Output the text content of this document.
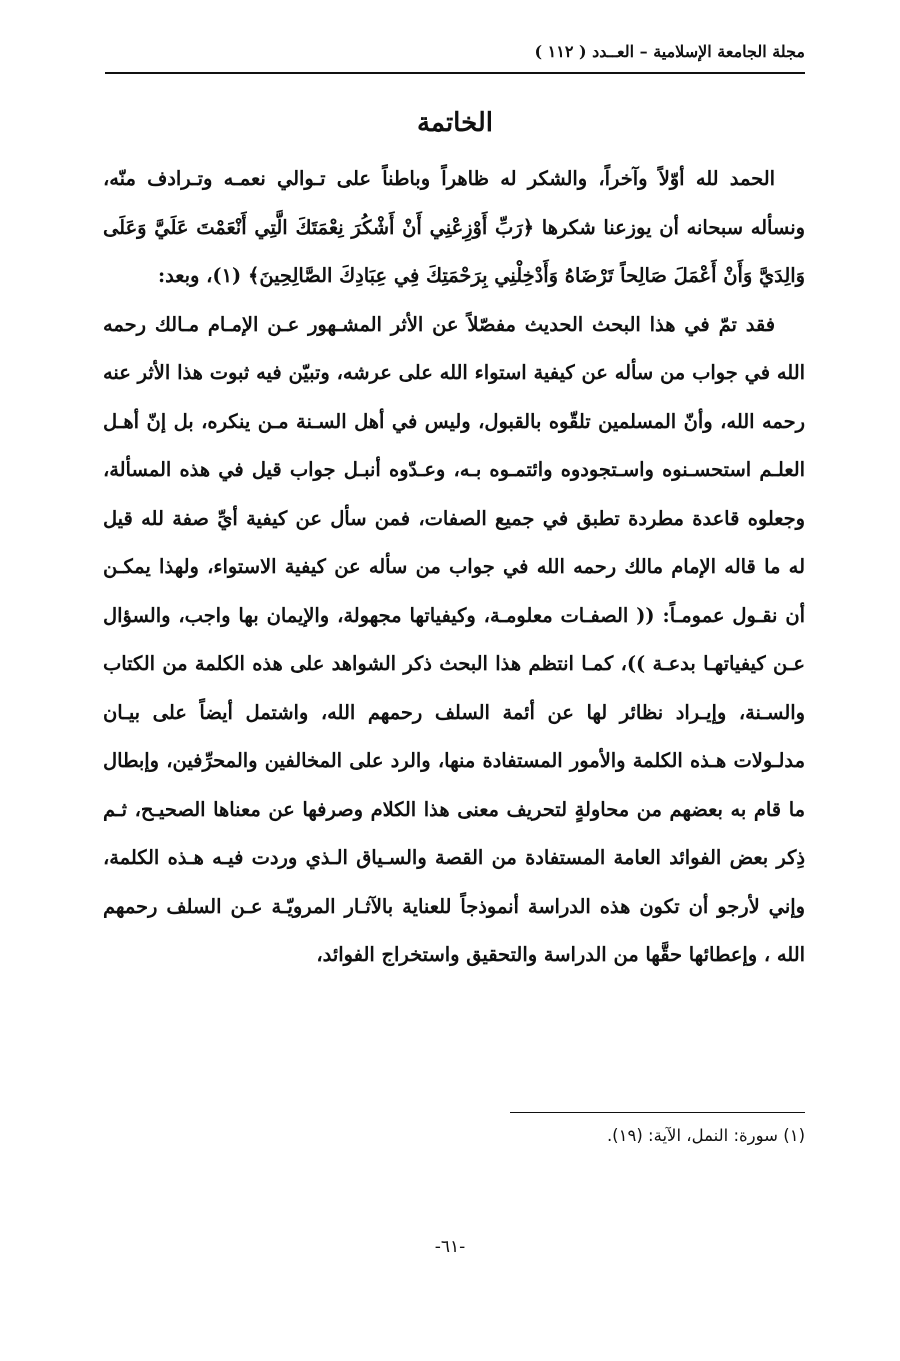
مجلة الجامعة الإسلامية – العــدد ( ١١٢ )
الخاتمة

الحمد لله أوّلاً وآخراً، والشكر له ظاهراً وباطناً على تـوالي نعمـه وتـرادف منّه، ونسأله سبحانه أن يوزعنا شكرها ﴿رَبِّ أَوْزِعْنِي أَنْ أَشْكُرَ نِعْمَتَكَ الَّتِي أَنْعَمْتَ عَلَيَّ وَعَلَى وَالِدَيَّ وَأَنْ أَعْمَلَ صَالِحاً تَرْضَاهُ وَأَدْخِلْنِي بِرَحْمَتِكَ فِي عِبَادِكَ الصَّالِحِينَ﴾ (١)، وبعد:

فقد تمّ في هذا البحث الحديث مفصّلاً عن الأثر المشـهور عـن الإمـام مـالك رحمه الله في جواب من سأله عن كيفية استواء الله على عرشه، وتبيّن فيه ثبوت هذا الأثر عنه رحمه الله، وأنّ المسلمين تلقّوه بالقبول، وليس في أهل السـنة مـن ينكره، بل إنّ أهـل العلـم استحسـنوه واسـتجودوه وائتمـوه بـه، وعـدّوه أنبـل جواب قيل في هذه المسألة، وجعلوه قاعدة مطردة تطبق في جميع الصفات، فمن سأل عن كيفية أيِّ صفة لله قيل له ما قاله الإمام مالك رحمه الله في جواب من سأله عن كيفية الاستواء، ولهذا يمكـن أن نقـول عمومـاً: (( الصفـات معلومـة، وكيفياتها مجهولة، والإيمان بها واجب، والسؤال عـن كيفياتهـا بدعـة ))، كمـا انتظم هذا البحث ذكر الشواهد على هذه الكلمة من الكتاب والسـنة، وإيـراد نظائر لها عن أئمة السلف رحمهم الله، واشتمل أيضاً على بيـان مدلـولات هـذه الكلمة والأمور المستفادة منها، والرد على المخالفين والمحرِّفين، وإبطال ما قام به بعضهم من محاولةٍ لتحريف معنى هذا الكلام وصرفها عن معناها الصحيـح، ثـم ذِكر بعض الفوائد العامة المستفادة من القصة والسـياق الـذي وردت فيـه هـذه الكلمة، وإني لأرجو أن تكون هذه الدراسة أنموذجاً للعناية بالآثـار المرويّـة عـن السلف رحمهم الله ، وإعطائها حقَّها من الدراسة والتحقيق واستخراج الفوائد،

(١) سورة: النمل، الآية: (١٩).
-٦١-
